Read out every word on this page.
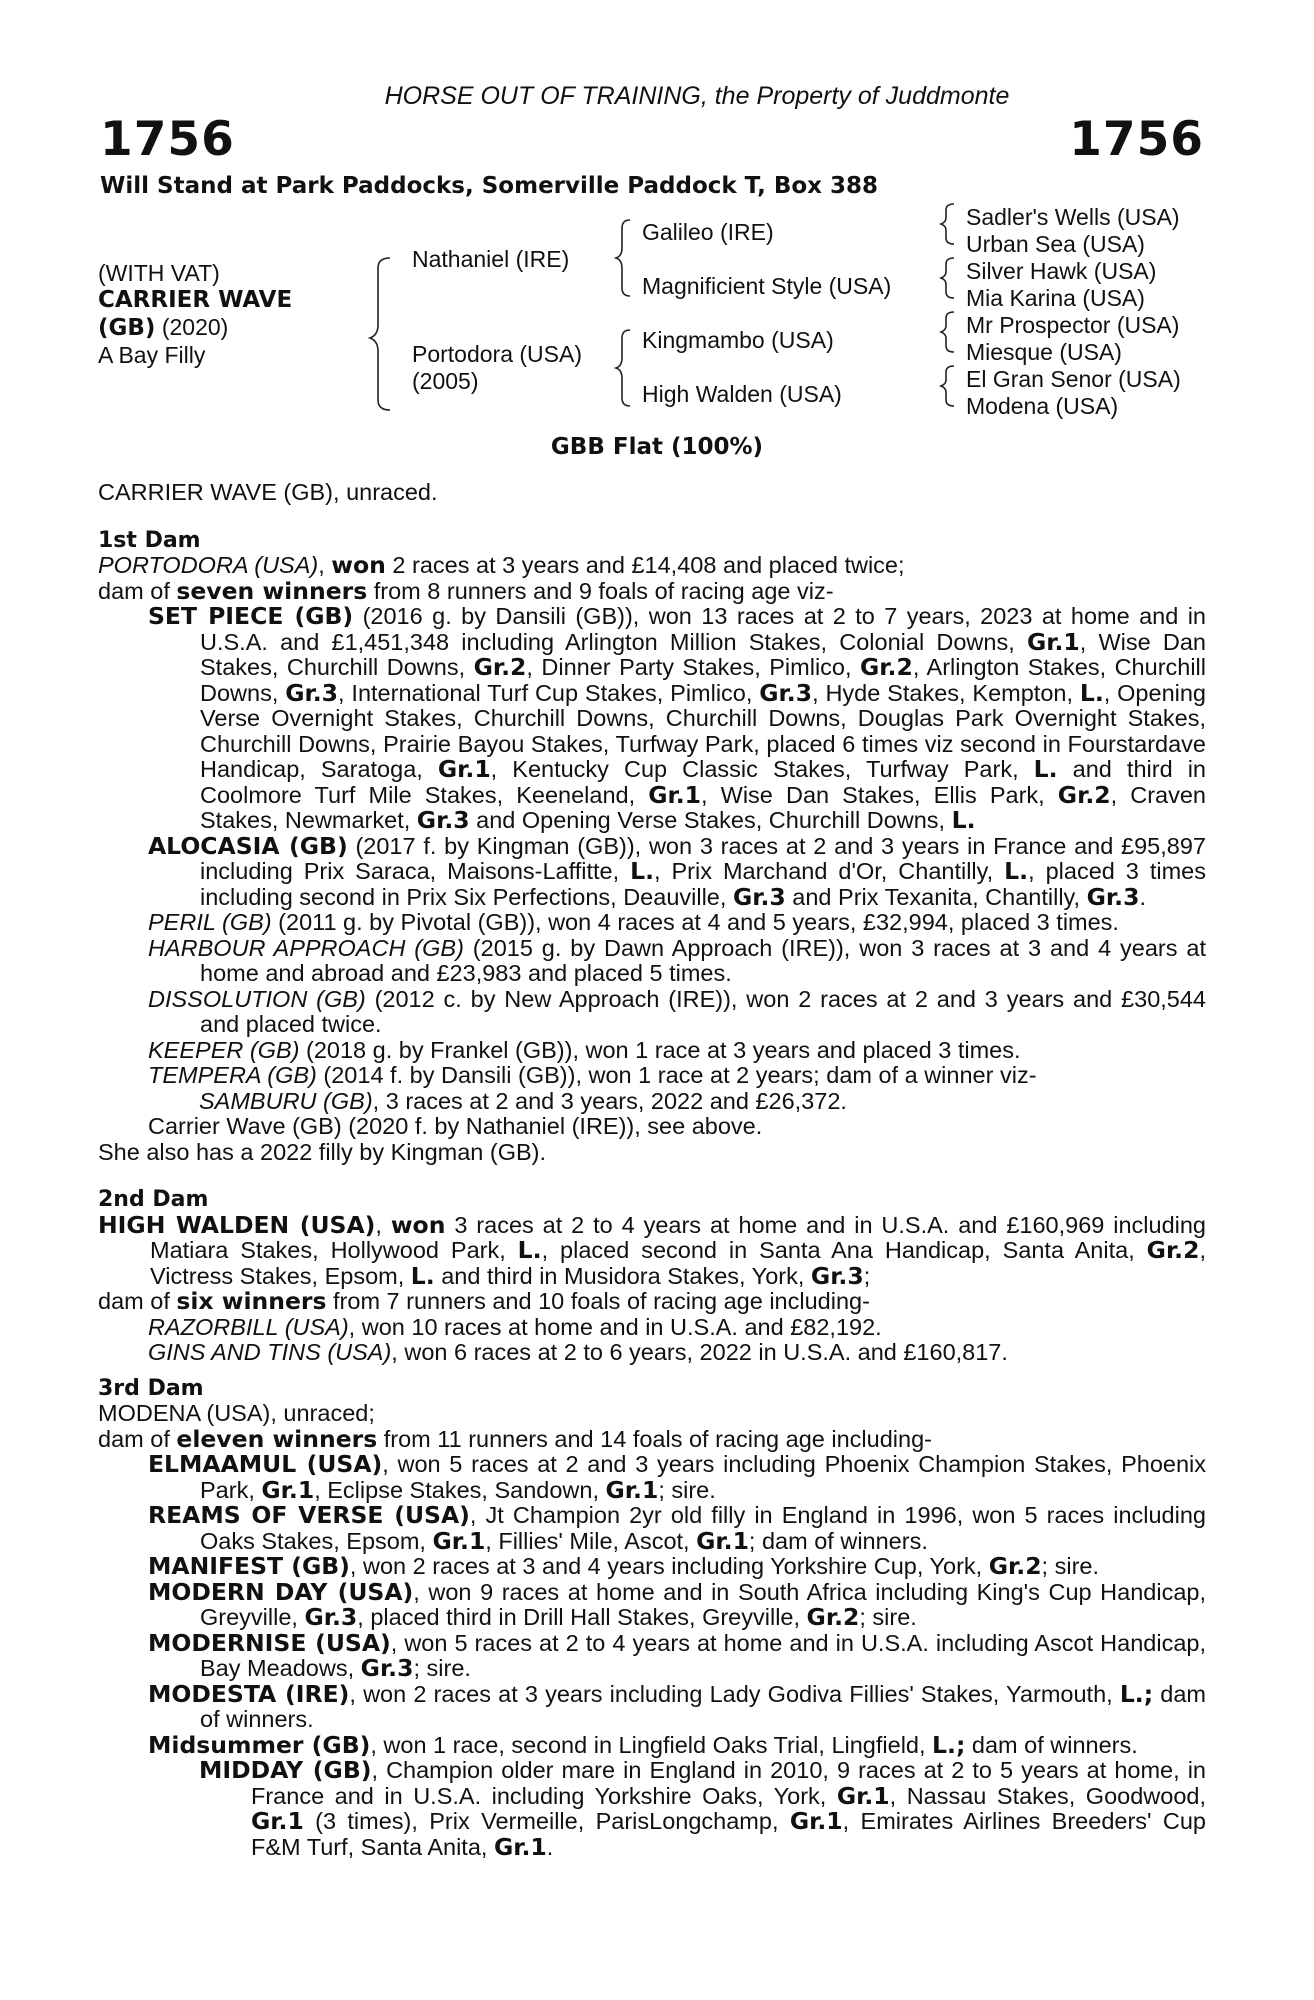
HORSE OUT OF TRAINING, the Property of Juddmonte
1756	1756
Will Stand at Park Paddocks, Somerville Paddock T, Box 388
(WITH VAT)
CARRIER WAVE
(GB) (2020)
A Bay Filly
Nathaniel (IRE)
Portodora (USA)
(2005)
Galileo (IRE)
Magnificient Style (USA)
Kingmambo (USA)
High Walden (USA)
Sadler's Wells (USA)
Urban Sea (USA)
Silver Hawk (USA)
Mia Karina (USA)
Mr Prospector (USA)
Miesque (USA)
El Gran Senor (USA)
Modena (USA)
GBB Flat (100%)

CARRIER WAVE (GB), unraced.

1st Dam

PORTODORA (USA), won 2 races at 3 years and £14,408 and placed twice;

dam of seven winners from 8 runners and 9 foals of racing age viz-

SET PIECE (GB) (2016 g. by Dansili (GB)), won 13 races at 2 to 7 years, 2023 at home and in U.S.A. and £1,451,348 including Arlington Million Stakes, Colonial Downs, Gr.1, Wise Dan Stakes, Churchill Downs, Gr.2, Dinner Party Stakes, Pimlico, Gr.2, Arlington Stakes, Churchill Downs, Gr.3, International Turf Cup Stakes, Pimlico, Gr.3, Hyde Stakes, Kempton, L., Opening Verse Overnight Stakes, Churchill Downs, Churchill Downs, Douglas Park Overnight Stakes, Churchill Downs, Prairie Bayou Stakes, Turfway Park, placed 6 times viz second in Fourstardave Handicap, Saratoga, Gr.1, Kentucky Cup Classic Stakes, Turfway Park, L. and third in Coolmore Turf Mile Stakes, Keeneland, Gr.1, Wise Dan Stakes, Ellis Park, Gr.2, Craven Stakes, Newmarket, Gr.3 and Opening Verse Stakes, Churchill Downs, L.

ALOCASIA (GB) (2017 f. by Kingman (GB)), won 3 races at 2 and 3 years in France and £95,897 including Prix Saraca, Maisons-Laffitte, L., Prix Marchand d'Or, Chantilly, L., placed 3 times including second in Prix Six Perfections, Deauville, Gr.3 and Prix Texanita, Chantilly, Gr.3.

PERIL (GB) (2011 g. by Pivotal (GB)), won 4 races at 4 and 5 years, £32,994, placed 3 times.

HARBOUR APPROACH (GB) (2015 g. by Dawn Approach (IRE)), won 3 races at 3 and 4 years at home and abroad and £23,983 and placed 5 times.

DISSOLUTION (GB) (2012 c. by New Approach (IRE)), won 2 races at 2 and 3 years and £30,544 and placed twice.

KEEPER (GB) (2018 g. by Frankel (GB)), won 1 race at 3 years and placed 3 times.

TEMPERA (GB) (2014 f. by Dansili (GB)), won 1 race at 2 years; dam of a winner viz-

SAMBURU (GB), 3 races at 2 and 3 years, 2022 and £26,372.

Carrier Wave (GB) (2020 f. by Nathaniel (IRE)), see above.

She also has a 2022 filly by Kingman (GB).

2nd Dam

HIGH WALDEN (USA), won 3 races at 2 to 4 years at home and in U.S.A. and £160,969 including Matiara Stakes, Hollywood Park, L., placed second in Santa Ana Handicap, Santa Anita, Gr.2, Victress Stakes, Epsom, L. and third in Musidora Stakes, York, Gr.3;

dam of six winners from 7 runners and 10 foals of racing age including-

RAZORBILL (USA), won 10 races at home and in U.S.A. and £82,192.

GINS AND TINS (USA), won 6 races at 2 to 6 years, 2022 in U.S.A. and £160,817.

3rd Dam

MODENA (USA), unraced;

dam of eleven winners from 11 runners and 14 foals of racing age including-

ELMAAMUL (USA), won 5 races at 2 and 3 years including Phoenix Champion Stakes, Phoenix Park, Gr.1, Eclipse Stakes, Sandown, Gr.1; sire.

REAMS OF VERSE (USA), Jt Champion 2yr old filly in England in 1996, won 5 races including Oaks Stakes, Epsom, Gr.1, Fillies' Mile, Ascot, Gr.1; dam of winners.

MANIFEST (GB), won 2 races at 3 and 4 years including Yorkshire Cup, York, Gr.2; sire.

MODERN DAY (USA), won 9 races at home and in South Africa including King's Cup Handicap, Greyville, Gr.3, placed third in Drill Hall Stakes, Greyville, Gr.2; sire.

MODERNISE (USA), won 5 races at 2 to 4 years at home and in U.S.A. including Ascot Handicap, Bay Meadows, Gr.3; sire.

MODESTA (IRE), won 2 races at 3 years including Lady Godiva Fillies' Stakes, Yarmouth, L.; dam of winners.

Midsummer (GB), won 1 race, second in Lingfield Oaks Trial, Lingfield, L.; dam of winners.

MIDDAY (GB), Champion older mare in England in 2010, 9 races at 2 to 5 years at home, in France and in U.S.A. including Yorkshire Oaks, York, Gr.1, Nassau Stakes, Goodwood, Gr.1 (3 times), Prix Vermeille, ParisLongchamp, Gr.1, Emirates Airlines Breeders' Cup F&M Turf, Santa Anita, Gr.1.
